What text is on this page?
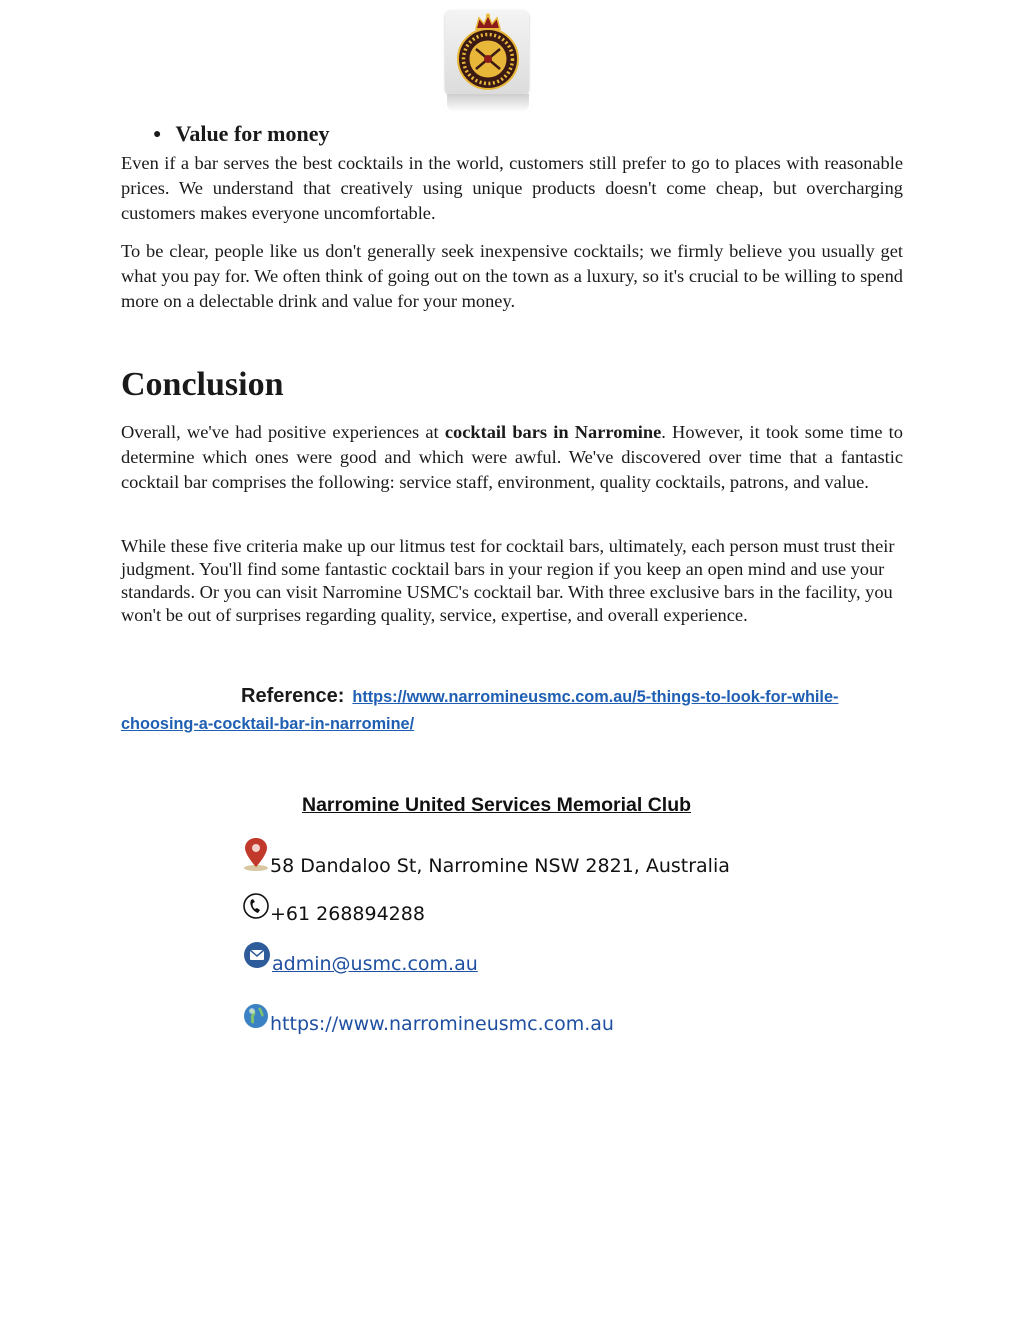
● Value for money

Even if a bar serves the best cocktails in the world, customers still prefer to go to places with reasonable prices. We understand that creatively using unique products doesn't come cheap, but overcharging customers makes everyone uncomfortable.

To be clear, people like us don't generally seek inexpensive cocktails; we firmly believe you usually get what you pay for. We often think of going out on the town as a luxury, so it's crucial to be willing to spend more on a delectable drink and value for your money.

Conclusion

Overall, we've had positive experiences at cocktail bars in Narromine. However, it took some time to determine which ones were good and which were awful. We've discovered over time that a fantastic cocktail bar comprises the following: service staff, environment, quality cocktails, patrons, and value.

While these five criteria make up our litmus test for cocktail bars, ultimately, each person must trust their judgment. You'll find some fantastic cocktail bars in your region if you keep an open mind and use your standards. Or you can visit Narromine USMC's cocktail bar. With three exclusive bars in the facility, you won't be out of surprises regarding quality, service, expertise, and overall experience.

Reference: https://www.narromineusmc.com.au/5-things-to-look-for-while-choosing-a-cocktail-bar-in-narromine/
Narromine United Services Memorial Club
58 Dandaloo St, Narromine NSW 2821, Australia
+61 268894288
admin@usmc.com.au
https://www.narromineusmc.com.au
